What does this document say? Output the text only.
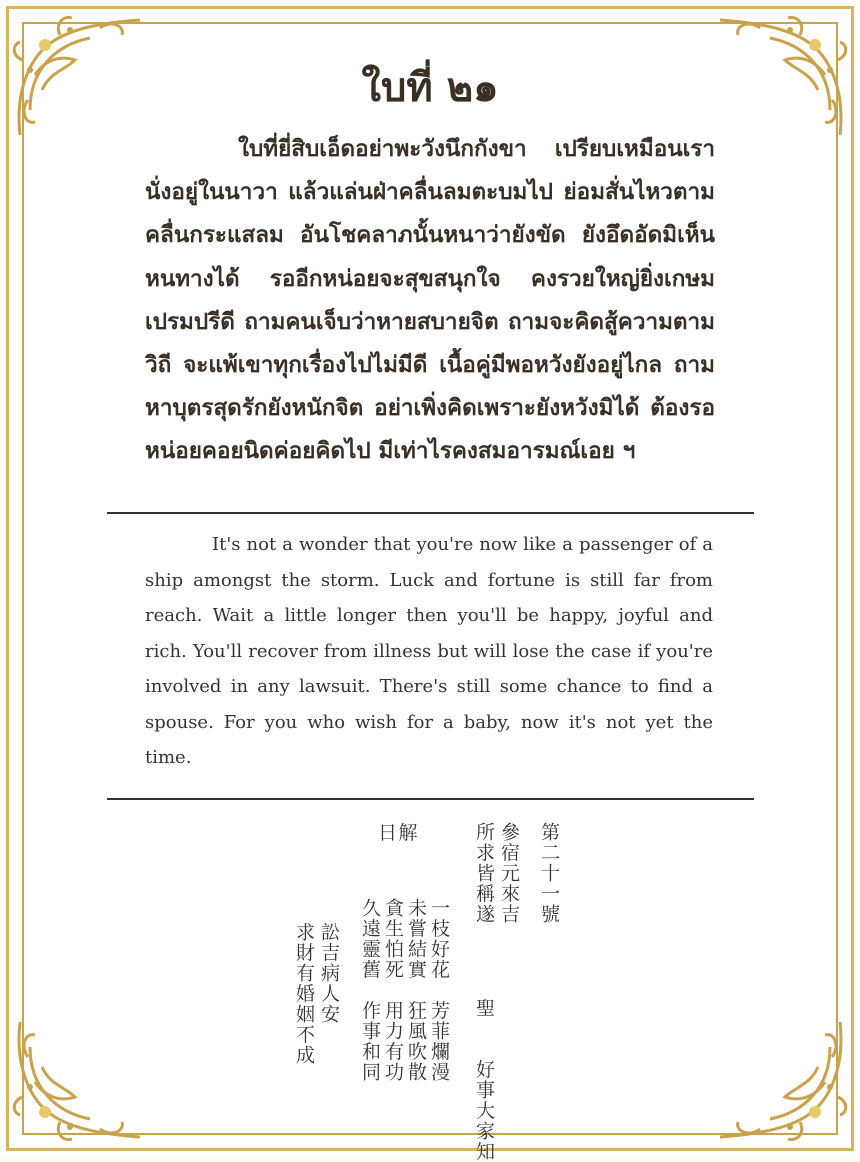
ใบที่ ๒๑

ใบที่ยี่สิบเอ็ดอย่าพะวังนึกกังขา เปรียบเหมือนเรานั่งอยู่ในนาวา แล้วแล่นฝ่าคลื่นลมตะบมไป ย่อมสั่นไหวตามคลื่นกระแสลม อันโชคลาภนั้นหนาว่ายังขัด ยังอึดอัดมิเห็นหนทางได้ รออีกหน่อยจะสุขสนุกใจ คงรวยใหญ่ยิ่งเกษมเปรมปรีดี ถามคนเจ็บว่าหายสบายจิต ถามจะคิดสู้ความตามวิถี จะแพ้เขาทุกเรื่องไปไม่มีดี เนื้อคู่มีพอหวังยังอยู่ไกล ถามหาบุตรสุดรักยังหนักจิต อย่าเพิ่งคิดเพราะยังหวังมิได้ ต้องรอหน่อยคอยนิดค่อยคิดไป มีเท่าไรคงสมอารมณ์เอย ฯ

It's not a wonder that you're now like a passenger of a ship amongst the storm. Luck and fortune is still far from reach. Wait a little longer then you'll be happy, joyful and rich. You'll recover from illness but will lose the case if you're involved in any lawsuit. There's still some chance to find a spouse. For you who wish for a baby, now it's not yet the time.

第二十一號
聖　　好事大家知
參宿元來吉
所求皆稱遂
一枝好花　芳菲爛漫
未嘗結實　狂風吹散
貪生怕死　用力有功
久遠靈舊　作事和同
日解
訟吉病人安
求財有婚姻不成
